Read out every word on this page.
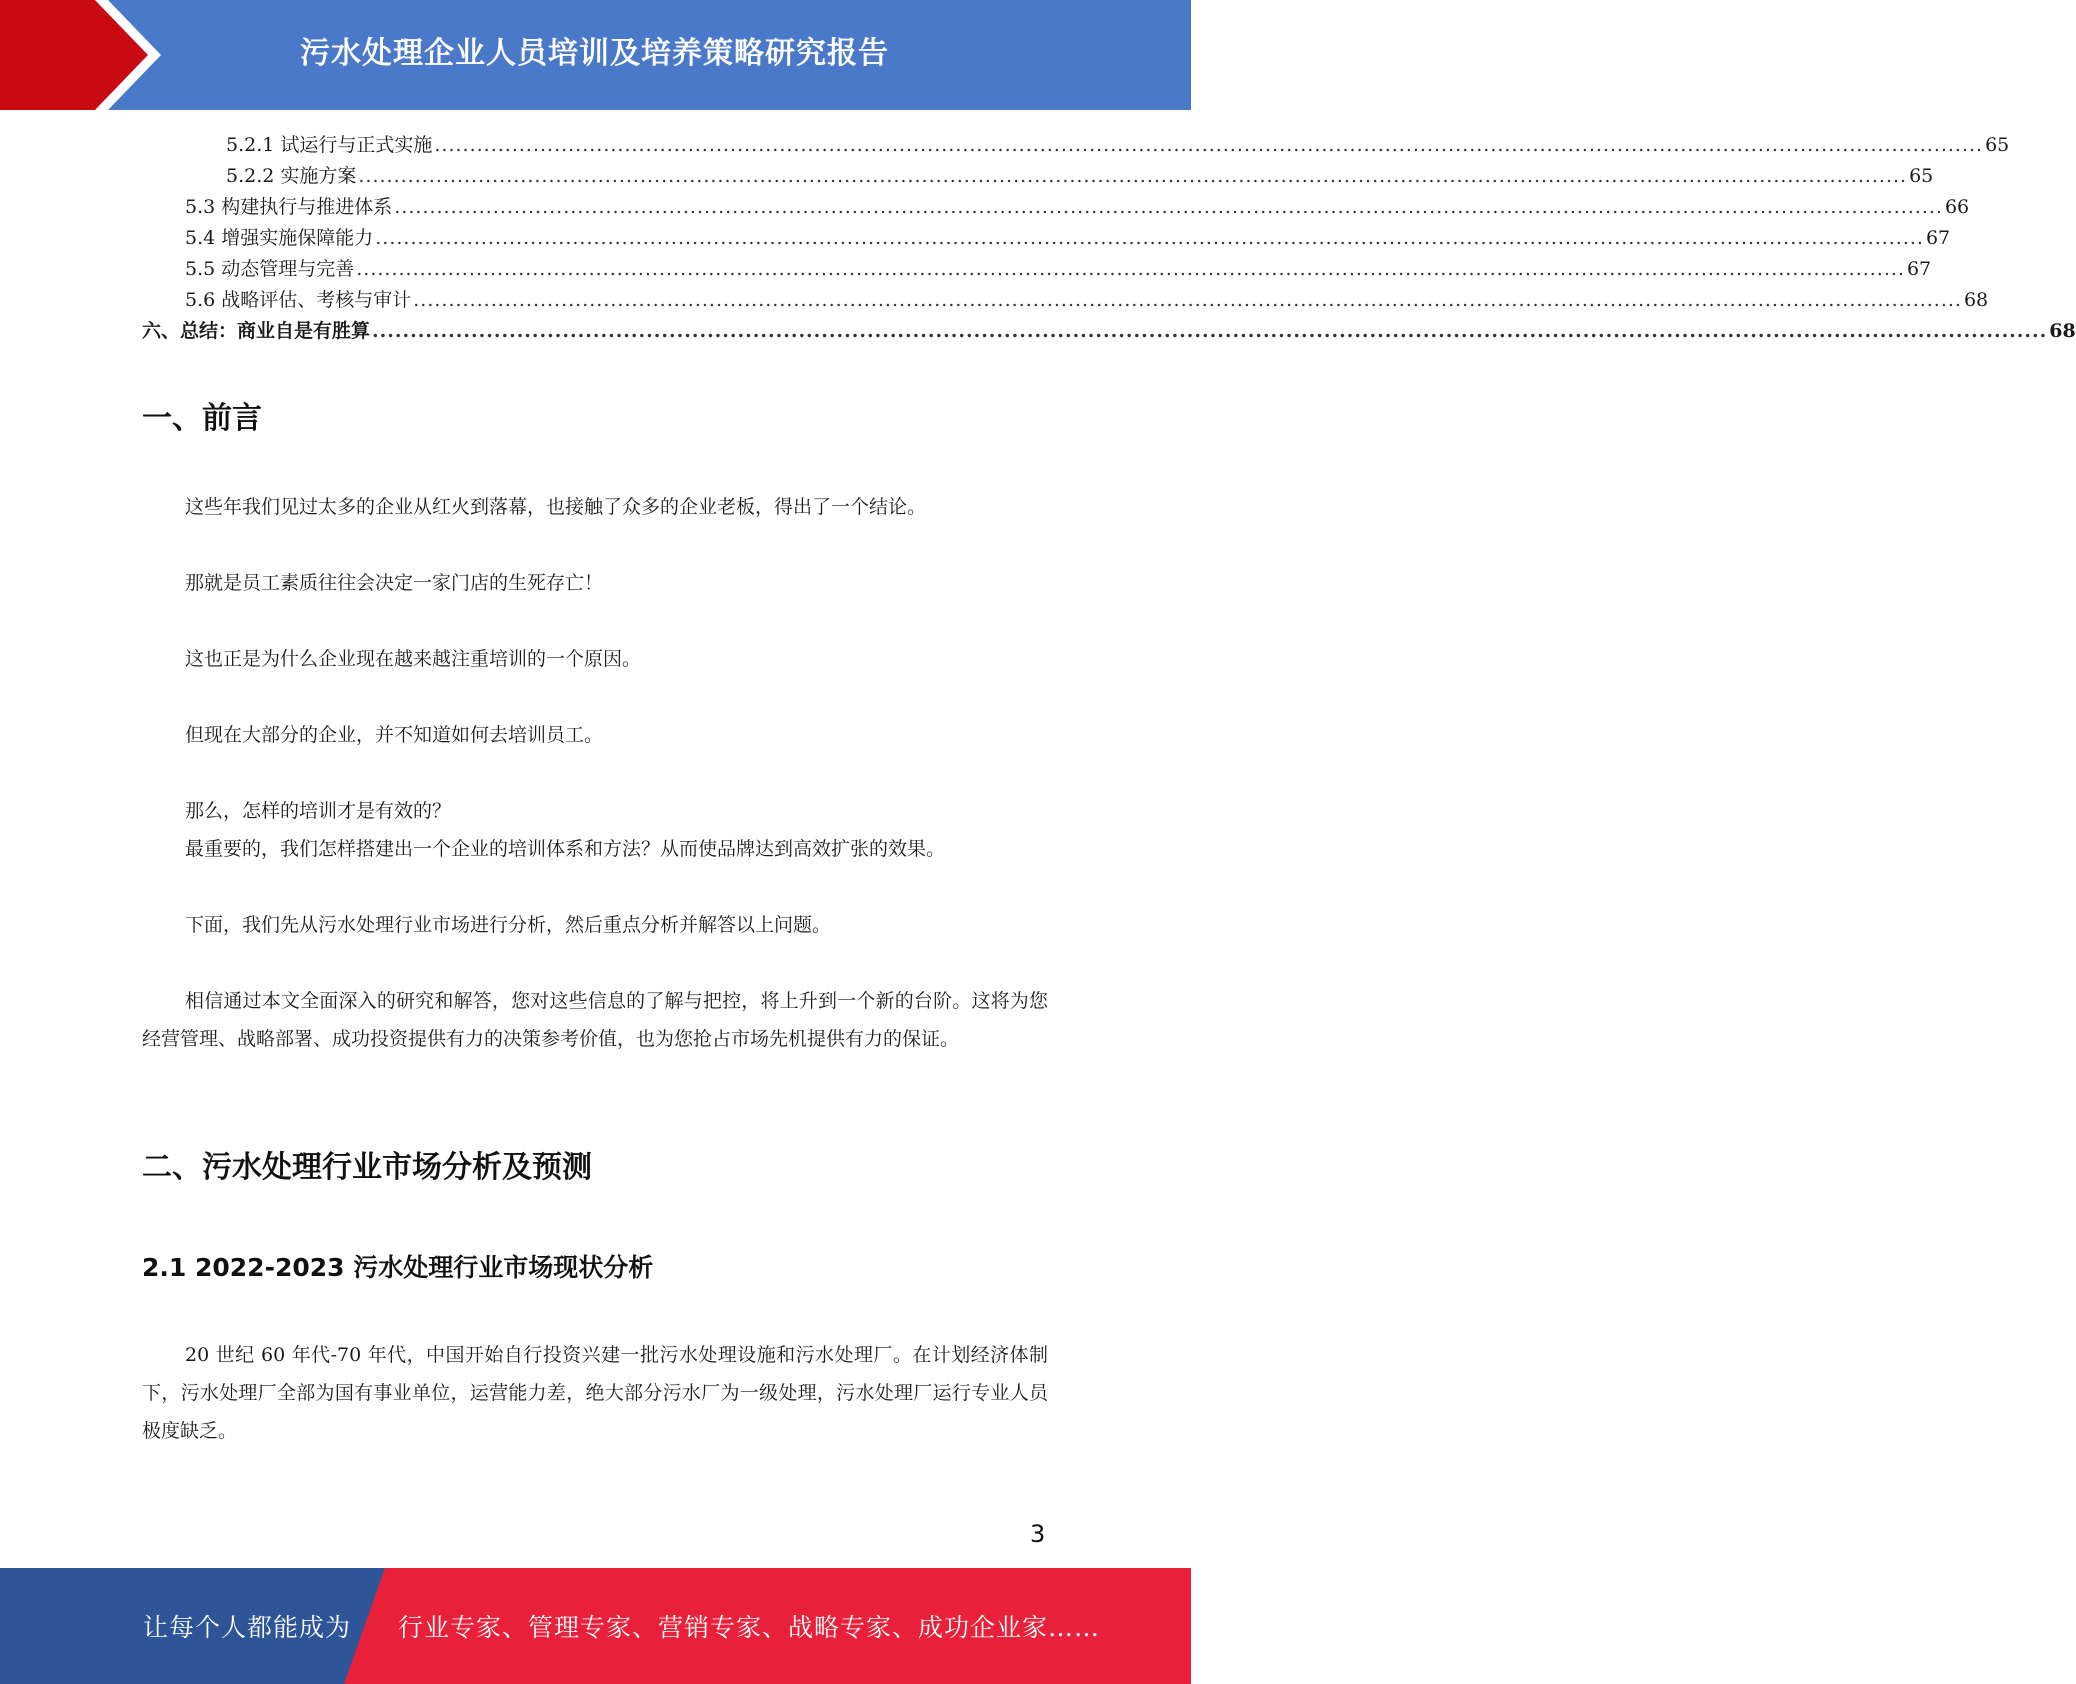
污水处理企业人员培训及培养策略研究报告
5.2.1 试运行与正式实施 ............................................................................................................................................................................................................................ 65
5.2.2 实施方案 ............................................................................................................................................................................................................................ 65
5.3 构建执行与推进体系 ............................................................................................................................................................................................................................ 66
5.4 增强实施保障能力 ............................................................................................................................................................................................................................ 67
5.5 动态管理与完善 ............................................................................................................................................................................................................................ 67
5.6 战略评估、考核与审计 ............................................................................................................................................................................................................................ 68
六、总结：商业自是有胜算 ............................................................................................................................................................................................................................ 68
一、前言

这些年我们见过太多的企业从红火到落幕，也接触了众多的企业老板，得出了一个结论。

那就是员工素质往往会决定一家门店的生死存亡！

这也正是为什么企业现在越来越注重培训的一个原因。

但现在大部分的企业，并不知道如何去培训员工。

那么，怎样的培训才是有效的？

最重要的，我们怎样搭建出一个企业的培训体系和方法？从而使品牌达到高效扩张的效果。

下面，我们先从污水处理行业市场进行分析，然后重点分析并解答以上问题。

相信通过本文全面深入的研究和解答，您对这些信息的了解与把控，将上升到一个新的台阶。这将为您经营管理、战略部署、成功投资提供有力的决策参考价值，也为您抢占市场先机提供有力的保证。

二、污水处理行业市场分析及预测
2.1 2022-2023 污水处理行业市场现状分析

20 世纪 60 年代-70 年代，中国开始自行投资兴建一批污水处理设施和污水处理厂。在计划经济体制下，污水处理厂全部为国有事业单位，运营能力差，绝大部分污水厂为一级处理，污水处理厂运行专业人员极度缺乏。

3
让每个人都能成为 行业专家、管理专家、营销专家、战略专家、成功企业家……
